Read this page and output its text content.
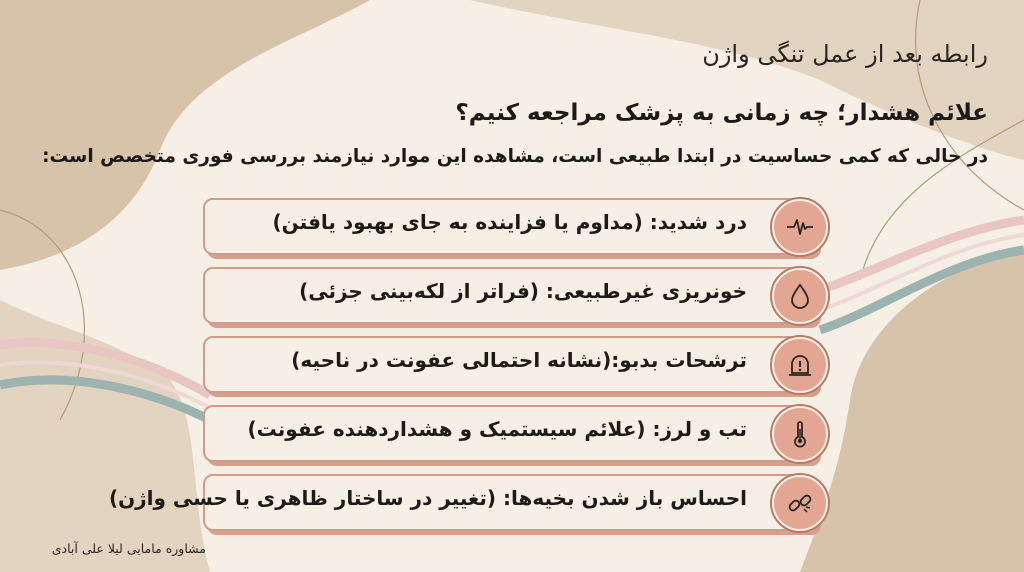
رابطه بعد از عمل تنگی واژن
علائم هشدار؛ چه زمانی به پزشک مراجعه کنیم؟
در حالی که کمی حساسیت در ابتدا طبیعی است، مشاهده این موارد نیازمند بررسی فوری متخصص است:
درد شدید: (مداوم یا فزاینده به جای بهبود یافتن)
خونریزی غیرطبیعی: (فراتر از لکه‌بینی جزئی)
ترشحات بدبو:(نشانه احتمالی عفونت در ناحیه)
تب و لرز: (علائم سیستمیک و هشداردهنده عفونت)
احساس باز شدن بخیه‌ها: (تغییر در ساختار ظاهری یا حسی واژن)
مشاوره مامایی لیلا علی آبادی
